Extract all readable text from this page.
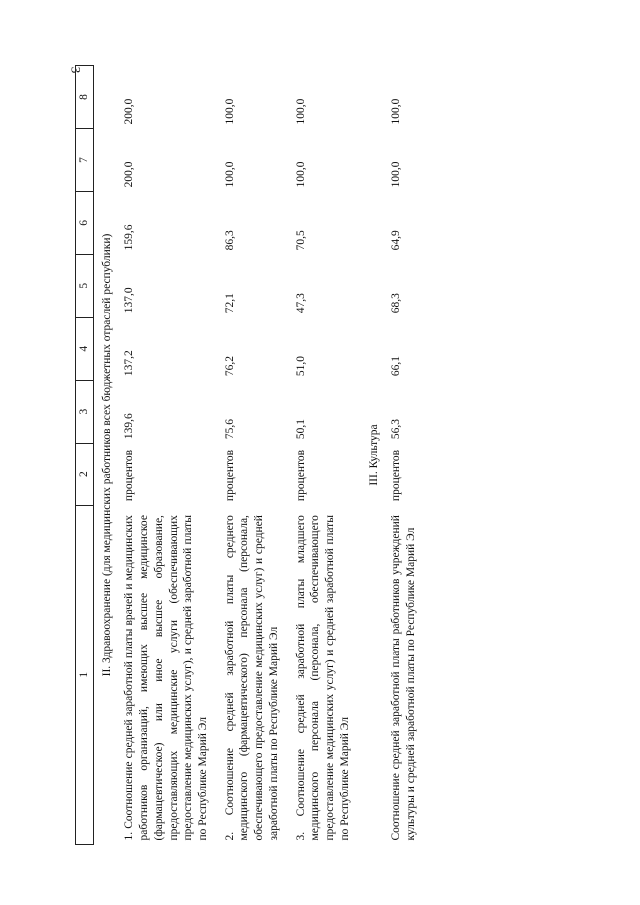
3
1	2	3	4	5	6	7	8
II. Здравоохранение (для медицинских работников всех бюджетных отраслей республики)							
1. Соотношение средней заработной платы врачей и медицинских работников организаций, имеющих высшее медицинское (фармацевтическое) или иное высшее образование, предоставляющих медицинские услуги (обеспечивающих предоставление медицинских услуг), и средней заработной платы по Республике Марий Эл	процентов	139,6	137,2	137,0	159,6	200,0	200,0
2. Соотношение средней заработной платы среднего медицинского (фармацевтического) персонала (персонала, обеспечивающего предоставление медицинских услуг) и средней заработной платы по Республике Марий Эл	процентов	75,6	76,2	72,1	86,3	100,0	100,0
3. Соотношение средней заработной платы младшего медицинского персонала (персонала, обеспечивающего предоставление медицинских услуг) и средней заработной платы по Республике Марий Эл	процентов	50,1	51,0	47,3	70,5	100,0	100,0
III. Культура							
Соотношение средней заработной платы работников учреждений культуры и средней заработной платы по Республике Марий Эл	процентов	56,3	66,1	68,3	64,9	100,0	100,0
